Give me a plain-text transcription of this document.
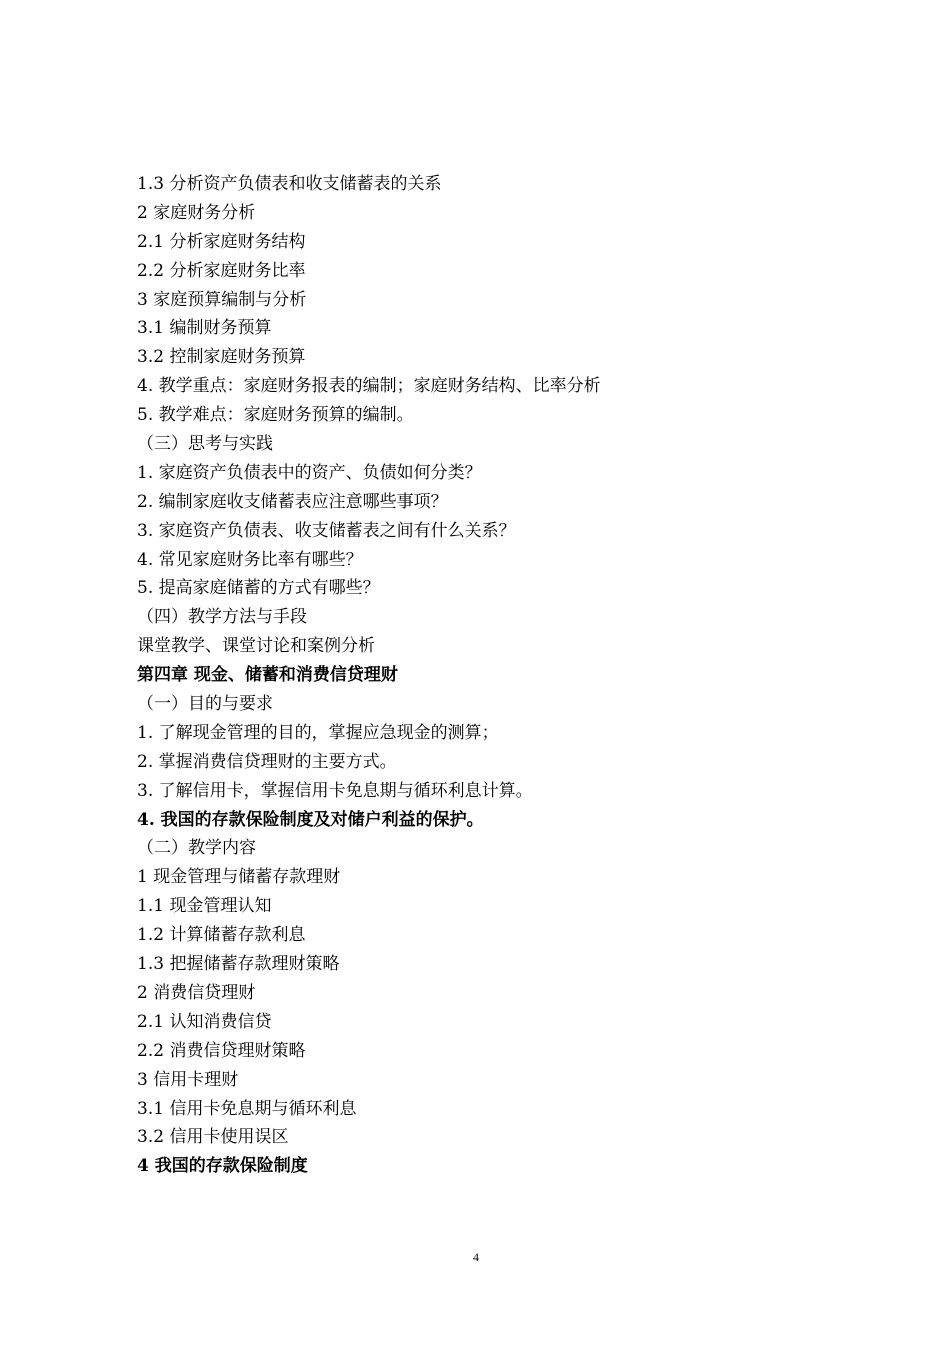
1.3 分析资产负债表和收支储蓄表的关系
2 家庭财务分析
2.1 分析家庭财务结构
2.2 分析家庭财务比率
3 家庭预算编制与分析
3.1 编制财务预算
3.2 控制家庭财务预算
4. 教学重点：家庭财务报表的编制；家庭财务结构、比率分析
5. 教学难点：家庭财务预算的编制。
（三）思考与实践
1. 家庭资产负债表中的资产、负债如何分类？
2. 编制家庭收支储蓄表应注意哪些事项？
3. 家庭资产负债表、收支储蓄表之间有什么关系？
4. 常见家庭财务比率有哪些？
5. 提高家庭储蓄的方式有哪些？
（四）教学方法与手段
课堂教学、课堂讨论和案例分析
第四章 现金、储蓄和消费信贷理财
（一）目的与要求
1. 了解现金管理的目的，掌握应急现金的测算；
2. 掌握消费信贷理财的主要方式。
3. 了解信用卡，掌握信用卡免息期与循环利息计算。
4. 我国的存款保险制度及对储户利益的保护。
（二）教学内容
1 现金管理与储蓄存款理财
1.1 现金管理认知
1.2 计算储蓄存款利息
1.3 把握储蓄存款理财策略
2 消费信贷理财
2.1 认知消费信贷
2.2 消费信贷理财策略
3 信用卡理财
3.1 信用卡免息期与循环利息
3.2 信用卡使用误区
4 我国的存款保险制度
4
